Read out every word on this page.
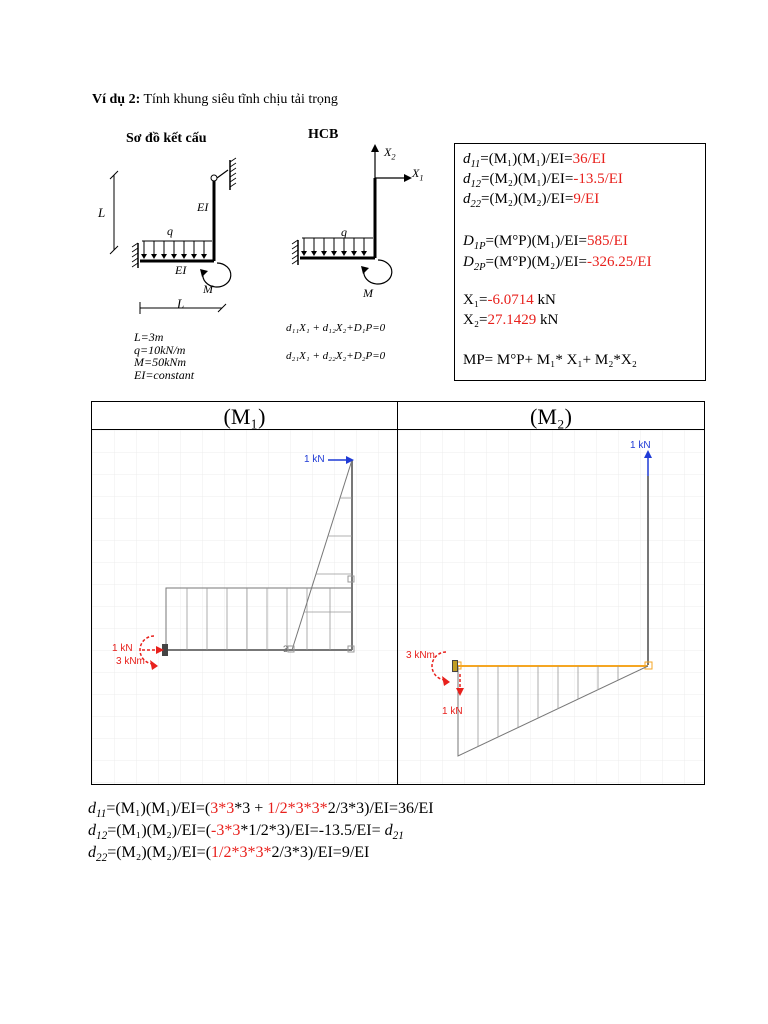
Ví dụ 2: Tính khung siêu tĩnh chịu tải trọng
Sơ đồ kết cấu
L	EI
q
EI
M
L
L=3m
q=10kN/m
M=50kNm
EI=constant
HCB
$X_2$
$X_1$
q
M
d₁₁X₁ + d₁₂X₂+D₁P=0
d₂₁X₁ + d₂₂X₂+D₂P=0
$d_{11}=(M_1)(M_1)/EI=36/EI$
$d_{12}=(M_2)(M_1)/EI=-13.5/EI$
$d_{22}=(M_2)(M_2)/EI=9/EI$
$D_{1P}=(M^\circ P)(M_1)/EI=585/EI$
$D_{2P}=(M^\circ P)(M_2)/EI=-326.25/EI$
X₁=-6.0714 kN
X₂=27.1429 kN
MP= M°P+ M₁* X₁+ M₂*X₂
(M₁)	(M₂)
1 kN
1 kN
3 kNm
3
1 kN
3 kNm
1 kN
$d_{11}=(M_1)(M_1)/EI=(3*3*3 + 1/2*3*3*2/3*3)/EI=36/EI$
$d_{12}=(M_1)(M_2)/EI=(-3*3*1/2*3)/EI=-13.5/EI= d_{21}$
$d_{22}=(M_2)(M_2)/EI=(1/2*3*3*2/3*3)/EI=9/EI$
